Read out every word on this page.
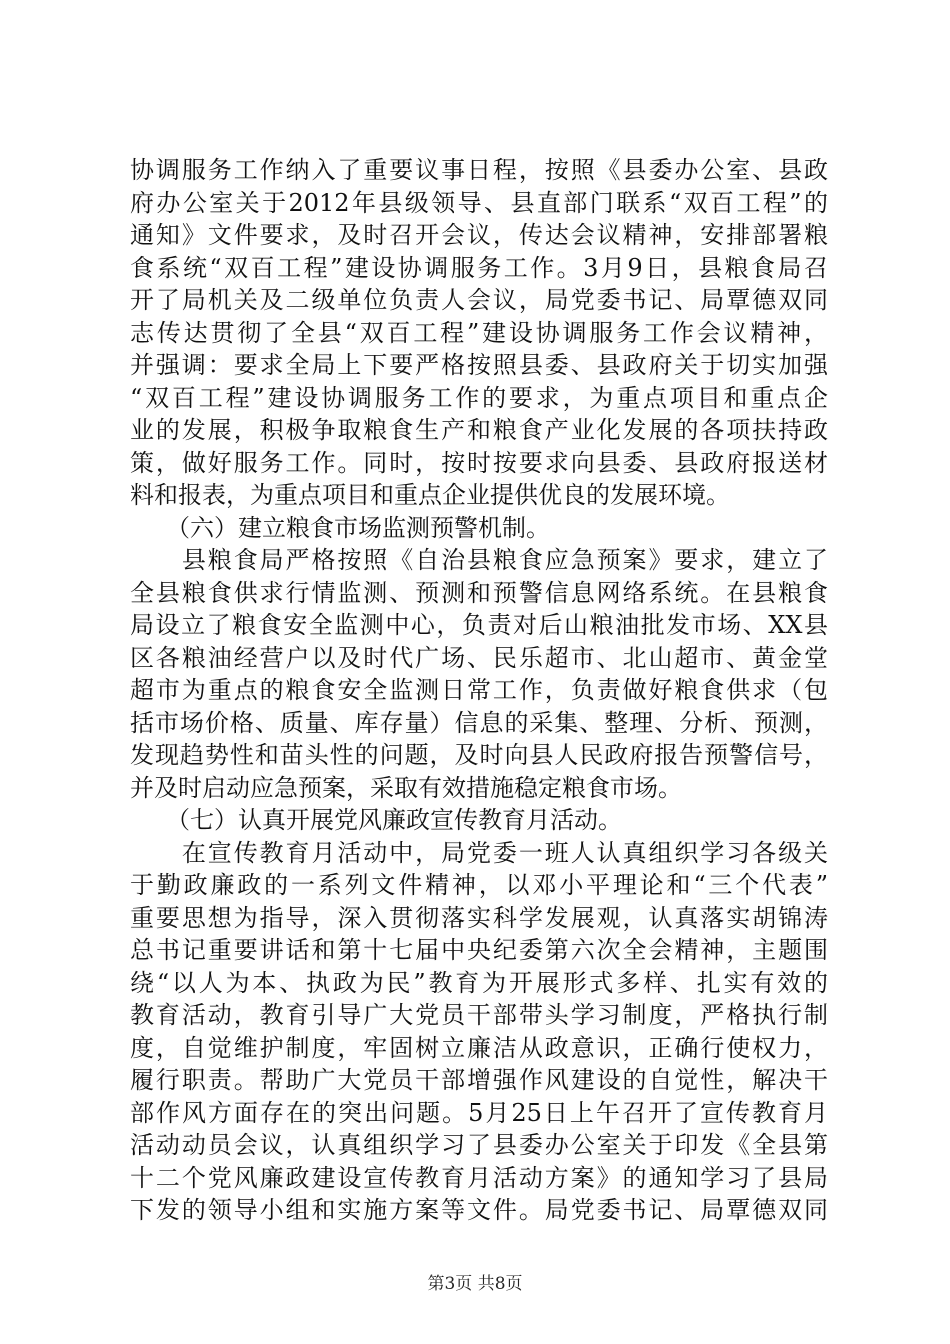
协调服务工作纳入了重要议事日程，按照《县委办公室、县政
府办公室关于2012年县级领导、县直部门联系“双百工程”的
通知》文件要求，及时召开会议，传达会议精神，安排部署粮
食系统“双百工程”建设协调服务工作。3月9日，县粮食局召
开了局机关及二级单位负责人会议，局党委书记、局覃德双同
志传达贯彻了全县“双百工程”建设协调服务工作会议精神，
并强调：要求全局上下要严格按照县委、县政府关于切实加强
“双百工程”建设协调服务工作的要求，为重点项目和重点企
业的发展，积极争取粮食生产和粮食产业化发展的各项扶持政
策，做好服务工作。同时，按时按要求向县委、县政府报送材
料和报表，为重点项目和重点企业提供优良的发展环境。
　　（六）建立粮食市场监测预警机制。
　　县粮食局严格按照《自治县粮食应急预案》要求，建立了
全县粮食供求行情监测、预测和预警信息网络系统。在县粮食
局设立了粮食安全监测中心，负责对后山粮油批发市场、XX县
区各粮油经营户以及时代广场、民乐超市、北山超市、黄金堂
超市为重点的粮食安全监测日常工作，负责做好粮食供求（包
括市场价格、质量、库存量）信息的采集、整理、分析、预测，
发现趋势性和苗头性的问题，及时向县人民政府报告预警信号，
并及时启动应急预案，采取有效措施稳定粮食市场。
　　（七）认真开展党风廉政宣传教育月活动。
　　在宣传教育月活动中，局党委一班人认真组织学习各级关
于勤政廉政的一系列文件精神，以邓小平理论和“三个代表”
重要思想为指导，深入贯彻落实科学发展观，认真落实胡锦涛
总书记重要讲话和第十七届中央纪委第六次全会精神，主题围
绕“以人为本、执政为民”教育为开展形式多样、扎实有效的
教育活动，教育引导广大党员干部带头学习制度，严格执行制
度，自觉维护制度，牢固树立廉洁从政意识，正确行使权力，
履行职责。帮助广大党员干部增强作风建设的自觉性，解决干
部作风方面存在的突出问题。5月25日上午召开了宣传教育月
活动动员会议，认真组织学习了县委办公室关于印发《全县第
十二个党风廉政建设宣传教育月活动方案》的通知学习了县局
下发的领导小组和实施方案等文件。局党委书记、局覃德双同
第3页 共8页
